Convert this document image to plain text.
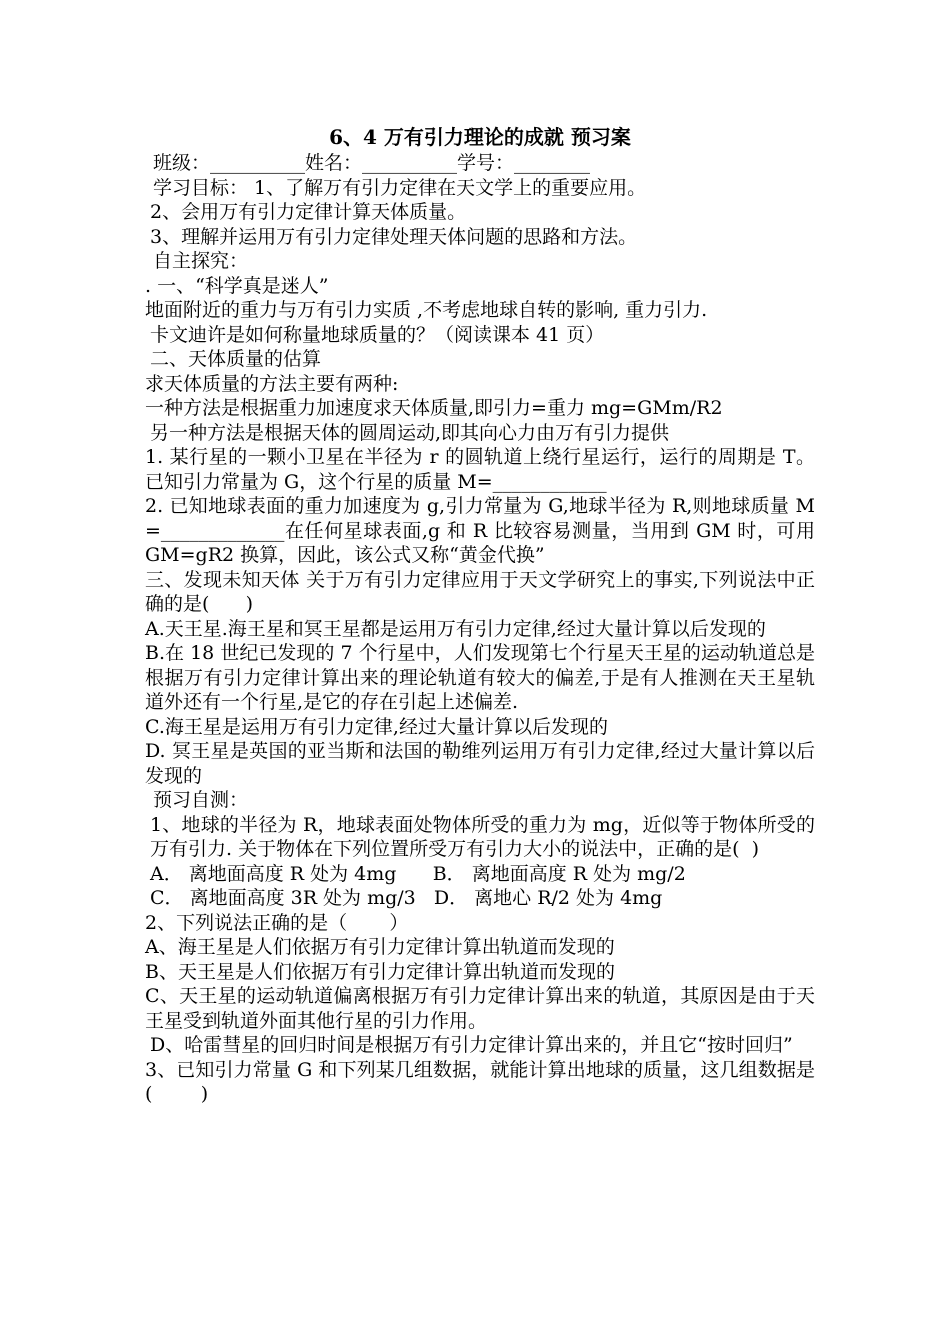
6、4 万有引力理论的成就 预习案
班级：__________姓名：__________学号：________
学习目标： 1、了解万有引力定律在天文学上的重要应用。
2、会用万有引力定律计算天体质量。
3、理解并运用万有引力定律处理天体问题的思路和方法。
自主探究：
. 一、“科学真是迷人”
地面附近的重力与万有引力实质 ,不考虑地球自转的影响, 重力引力.
卡文迪许是如何称量地球质量的？（阅读课本 41 页）
二、天体质量的估算
求天体质量的方法主要有两种:
一种方法是根据重力加速度求天体质量,即引力=重力 mg=GMm/R2
另一种方法是根据天体的圆周运动,即其向心力由万有引力提供
1. 某行星的一颗小卫星在半径为 r 的圆轨道上绕行星运行，运行的周期是 T。已知引力常量为 G，这个行星的质量 M=____________
2. 已知地球表面的重力加速度为 g,引力常量为 G,地球半径为 R,则地球质量 M=_____________在任何星球表面,g 和 R 比较容易测量，当用到 GM 时，可用 GM=gR2 换算，因此，该公式又称“黄金代换”
三、发现未知天体 关于万有引力定律应用于天文学研究上的事实,下列说法中正确的是(      )
A.天王星.海王星和冥王星都是运用万有引力定律,经过大量计算以后发现的
B.在 18 世纪已发现的 7 个行星中，人们发现第七个行星天王星的运动轨道总是根据万有引力定律计算出来的理论轨道有较大的偏差,于是有人推测在天王星轨道外还有一个行星,是它的存在引起上述偏差.
C.海王星是运用万有引力定律,经过大量计算以后发现的
D. 冥王星是英国的亚当斯和法国的勒维列运用万有引力定律,经过大量计算以后发现的
预习自测：
1、地球的半径为 R，地球表面处物体所受的重力为 mg，近似等于物体所受的万有引力. 关于物体在下列位置所受万有引力大小的说法中，正确的是(  )
A． 离地面高度 R 处为 4mg      B． 离地面高度 R 处为 mg/2
C． 离地面高度 3R 处为 mg/3   D． 离地心 R/2 处为 4mg
2、下列说法正确的是（       ）
A、海王星是人们依据万有引力定律计算出轨道而发现的
B、天王星是人们依据万有引力定律计算出轨道而发现的
C、天王星的运动轨道偏离根据万有引力定律计算出来的轨道，其原因是由于天王星受到轨道外面其他行星的引力作用。
D、哈雷彗星的回归时间是根据万有引力定律计算出来的，并且它“按时回归”
3、已知引力常量 G 和下列某几组数据，就能计算出地球的质量，这几组数据是(        )
